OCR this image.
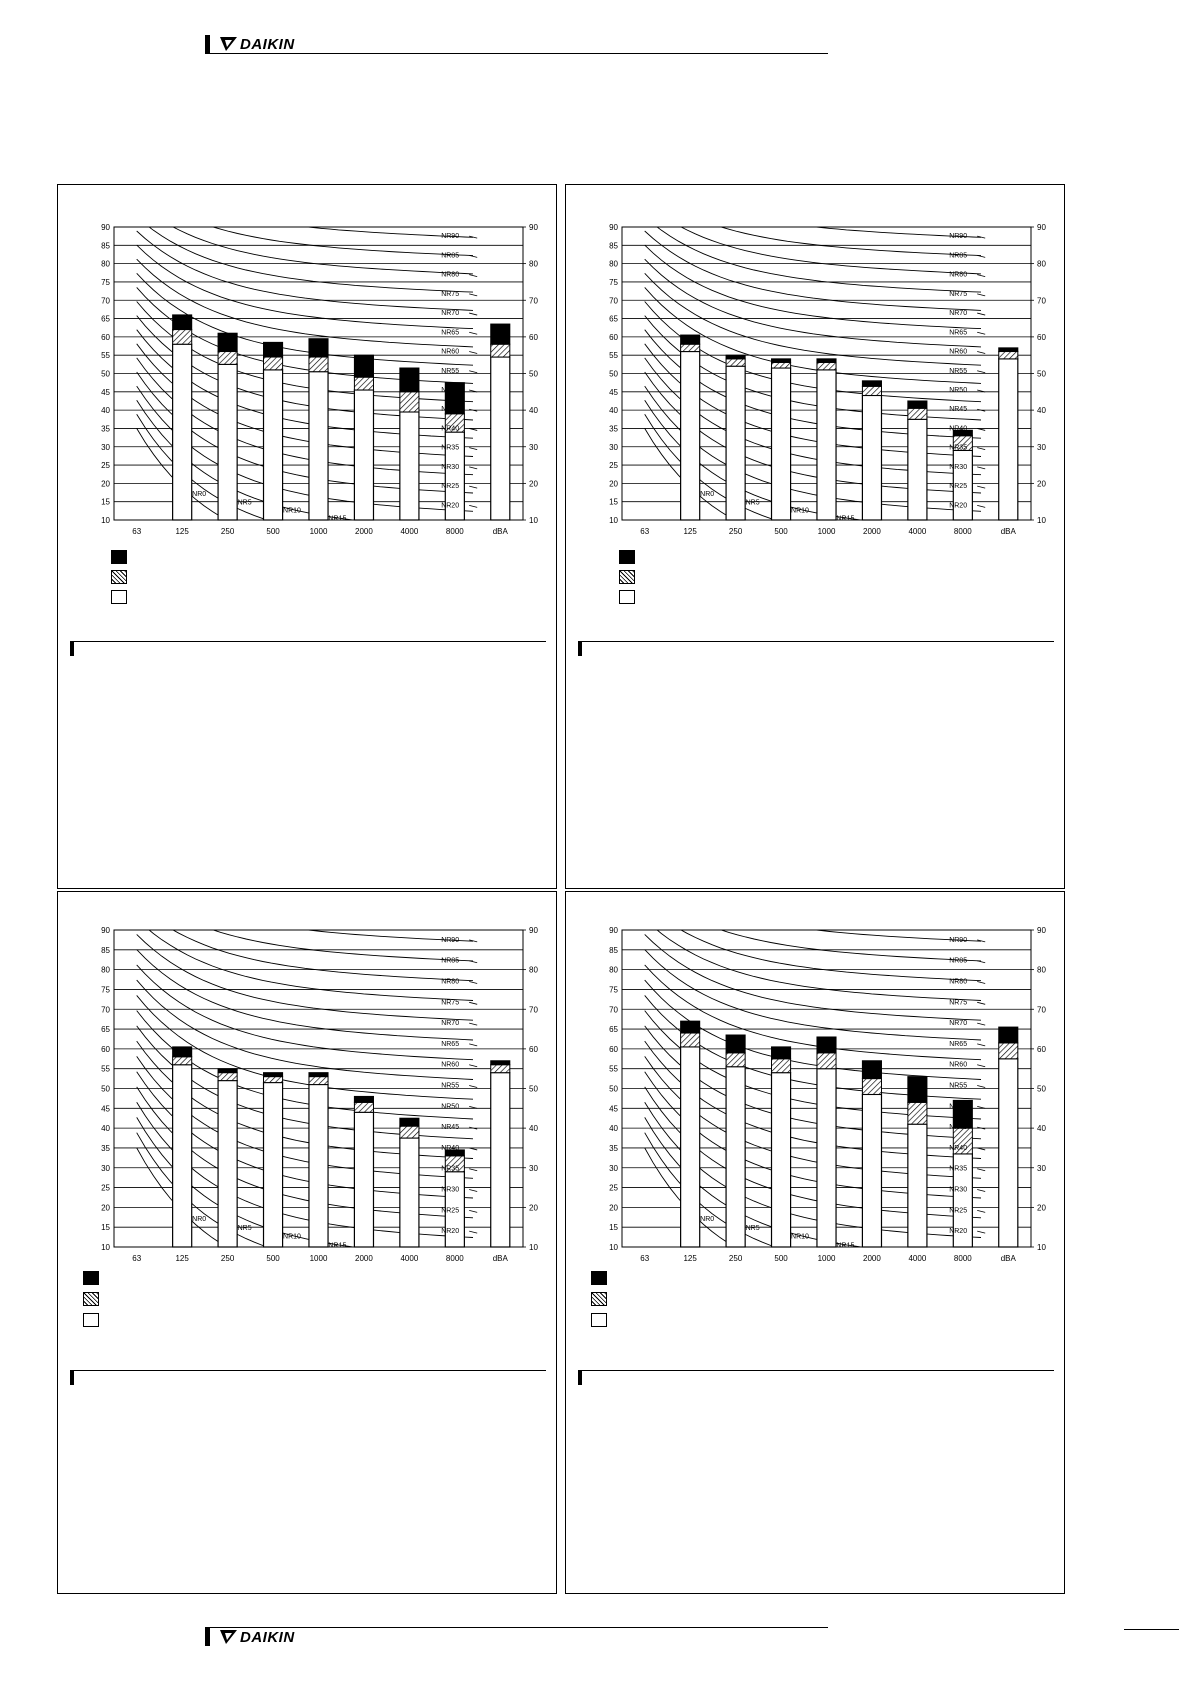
DAIKIN
10
15
20
25
30
35
40
45
50
55
60
65
70
75
80
85
90
10
20
30
40
50
60
70
80
90
NR90
NR85
NR80
NR75
NR70
NR65
NR60
NR55
NR50
NR45
NR40
NR35
NR30
NR25
NR20
NR0
NR5
NR10
NR15
63	125	250	500	1000	2000	4000	8000	dBA
10
15
20
25
30
35
40
45
50
55
60
65
70
75
80
85
90
10
20
30
40
50
60
70
80
90
NR90
NR85
NR80
NR75
NR70
NR65
NR60
NR55
NR50
NR45
NR40
NR35
NR30
NR25
NR20
NR0
NR5
NR10
NR15
63	125	250	500	1000	2000	4000	8000	dBA
10
15
20
25
30
35
40
45
50
55
60
65
70
75
80
85
90
10
20
30
40
50
60
70
80
90
NR90
NR85
NR80
NR75
NR70
NR65
NR60
NR55
NR50
NR45
NR40
NR35
NR30
NR25
NR20
NR0
NR5
NR10
NR15
63	125	250	500	1000	2000	4000	8000	dBA
10
15
20
25
30
35
40
45
50
55
60
65
70
75
80
85
90
10
20
30
40
50
60
70
80
90
NR90
NR85
NR80
NR75
NR70
NR65
NR60
NR55
NR50
NR45
NR40
NR35
NR30
NR25
NR20
NR0
NR5
NR10
NR15
63	125	250	500	1000	2000	4000	8000	dBA
DAIKIN
